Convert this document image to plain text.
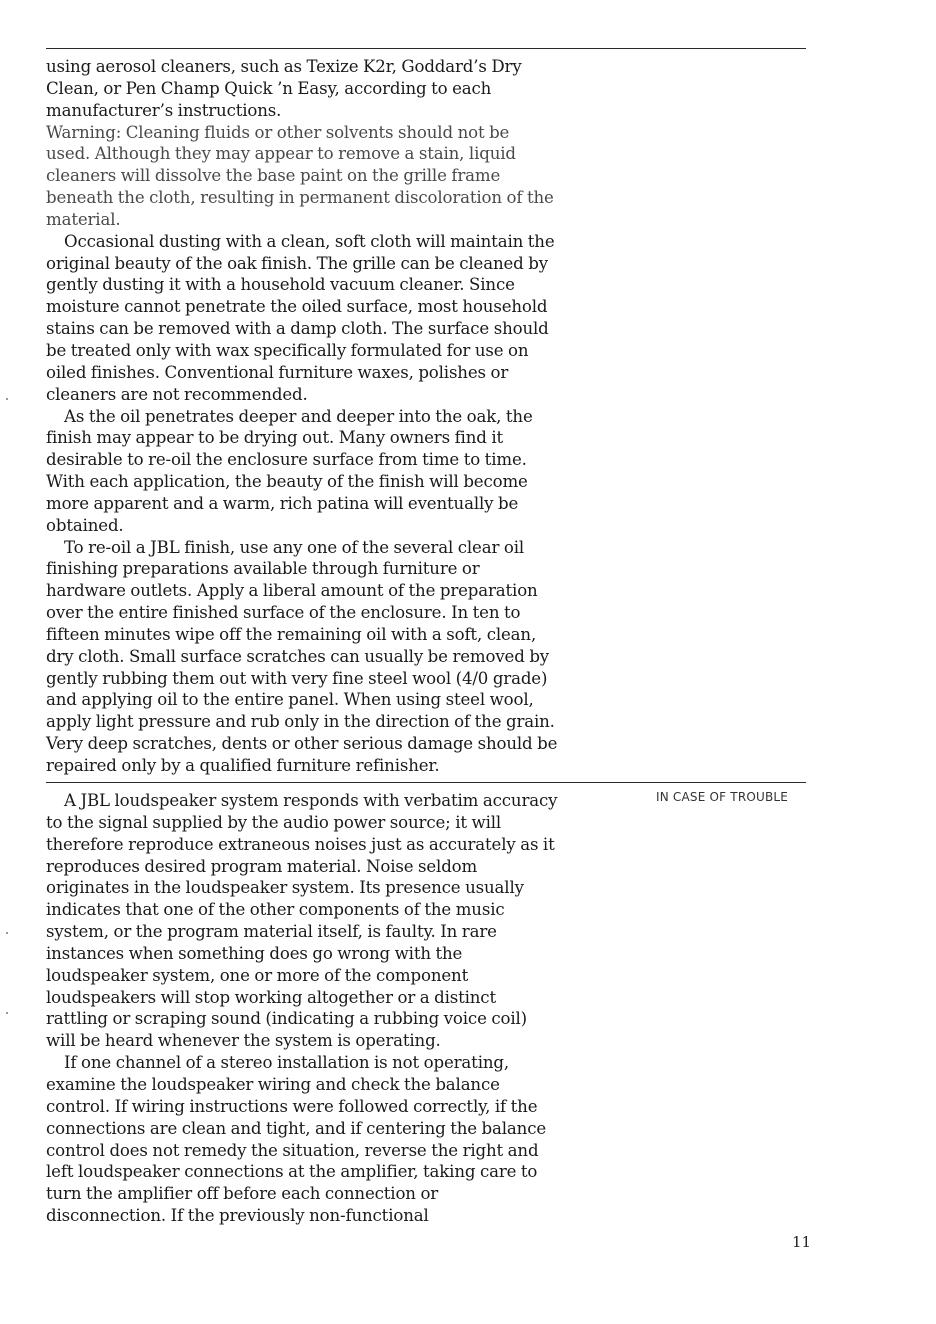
using aerosol cleaners, such as Texize K2r, Goddard’s Dry Clean, or Pen Champ Quick ’n Easy, according to each manufacturer’s instructions.

Warning: Cleaning fluids or other solvents should not be used. Although they may appear to remove a stain, liquid cleaners will dissolve the base paint on the grille frame beneath the cloth, resulting in permanent discoloration of the material.

Occasional dusting with a clean, soft cloth will maintain the original beauty of the oak finish. The grille can be cleaned by gently dusting it with a household vacuum cleaner. Since moisture cannot penetrate the oiled surface, most household stains can be removed with a damp cloth. The surface should be treated only with wax specifically formulated for use on oiled finishes. Conventional furniture waxes, polishes or cleaners are not recommended.

As the oil penetrates deeper and deeper into the oak, the finish may appear to be drying out. Many owners find it desirable to re-oil the enclosure surface from time to time. With each application, the beauty of the finish will become more apparent and a warm, rich patina will eventually be obtained.

To re-oil a JBL finish, use any one of the several clear oil finishing preparations available through furniture or hardware outlets. Apply a liberal amount of the preparation over the entire finished surface of the enclosure. In ten to fifteen minutes wipe off the remaining oil with a soft, clean, dry cloth. Small surface scratches can usually be removed by gently rubbing them out with very fine steel wool (4/0 grade) and applying oil to the entire panel. When using steel wool, apply light pressure and rub only in the direction of the grain. Very deep scratches, dents or other serious damage should be repaired only by a qualified furniture refinisher.

IN CASE OF TROUBLE

A JBL loudspeaker system responds with verbatim accuracy to the signal supplied by the audio power source; it will therefore reproduce extraneous noises just as accurately as it reproduces desired program material. Noise seldom originates in the loudspeaker system. Its presence usually indicates that one of the other components of the music system, or the program material itself, is faulty. In rare instances when something does go wrong with the loudspeaker system, one or more of the component loudspeakers will stop working altogether or a distinct rattling or scraping sound (indicating a rubbing voice coil) will be heard whenever the system is operating.

If one channel of a stereo installation is not operating, examine the loudspeaker wiring and check the balance control. If wiring instructions were followed correctly, if the connections are clean and tight, and if centering the balance control does not remedy the situation, reverse the right and left loudspeaker connections at the amplifier, taking care to turn the amplifier off before each connection or disconnection. If the previously non-functional

11
